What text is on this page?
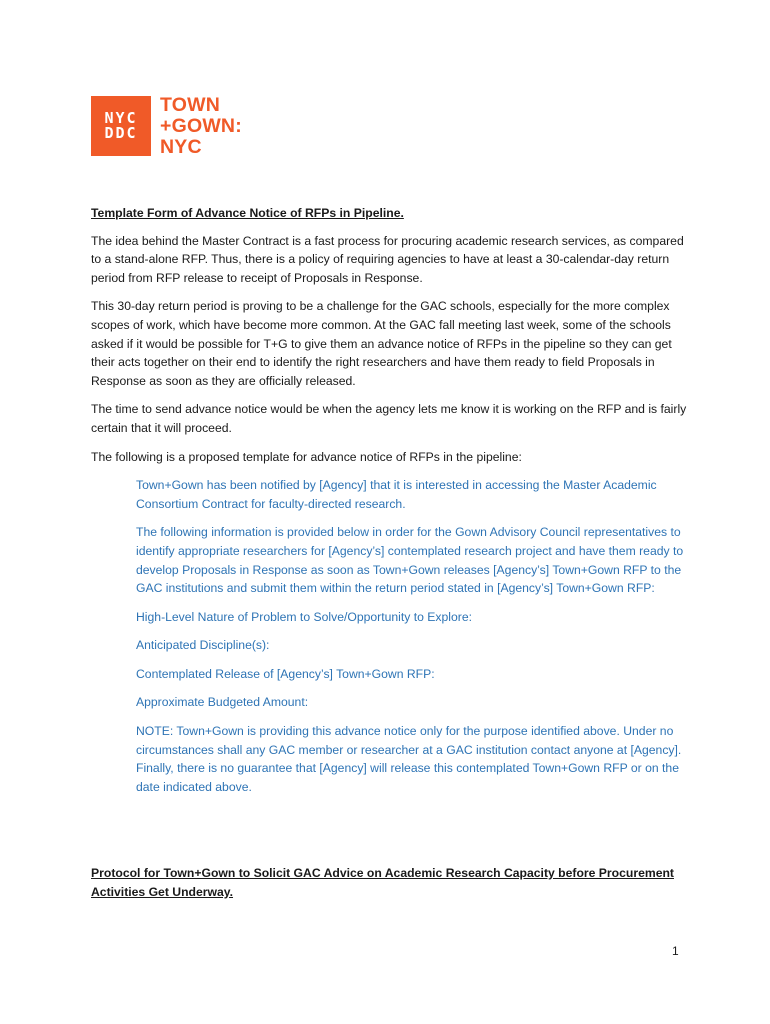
NYC
DDC
TOWN
+GOWN:
NYC

Template Form of Advance Notice of RFPs in Pipeline.

The idea behind the Master Contract is a fast process for procuring academic research services, as compared to a stand-alone RFP. Thus, there is a policy of requiring agencies to have at least a 30-calendar-day return period from RFP release to receipt of Proposals in Response.

This 30-day return period is proving to be a challenge for the GAC schools, especially for the more complex scopes of work, which have become more common. At the GAC fall meeting last week, some of the schools asked if it would be possible for T+G to give them an advance notice of RFPs in the pipeline so they can get their acts together on their end to identify the right researchers and have them ready to field Proposals in Response as soon as they are officially released.

The time to send advance notice would be when the agency lets me know it is working on the RFP and is fairly certain that it will proceed.

The following is a proposed template for advance notice of RFPs in the pipeline:

Town+Gown has been notified by [Agency] that it is interested in accessing the Master Academic Consortium Contract for faculty-directed research.

The following information is provided below in order for the Gown Advisory Council representatives to identify appropriate researchers for [Agency’s] contemplated research project and have them ready to develop Proposals in Response as soon as Town+Gown releases [Agency’s] Town+Gown RFP to the GAC institutions and submit them within the return period stated in [Agency’s] Town+Gown RFP:

High-Level Nature of Problem to Solve/Opportunity to Explore:

Anticipated Discipline(s):

Contemplated Release of [Agency’s] Town+Gown RFP:

Approximate Budgeted Amount:

NOTE: Town+Gown is providing this advance notice only for the purpose identified above. Under no circumstances shall any GAC member or researcher at a GAC institution contact anyone at [Agency]. Finally, there is no guarantee that [Agency] will release this contemplated Town+Gown RFP or on the date indicated above.

Protocol for Town+Gown to Solicit GAC Advice on Academic Research Capacity before Procurement Activities Get Underway.
1
